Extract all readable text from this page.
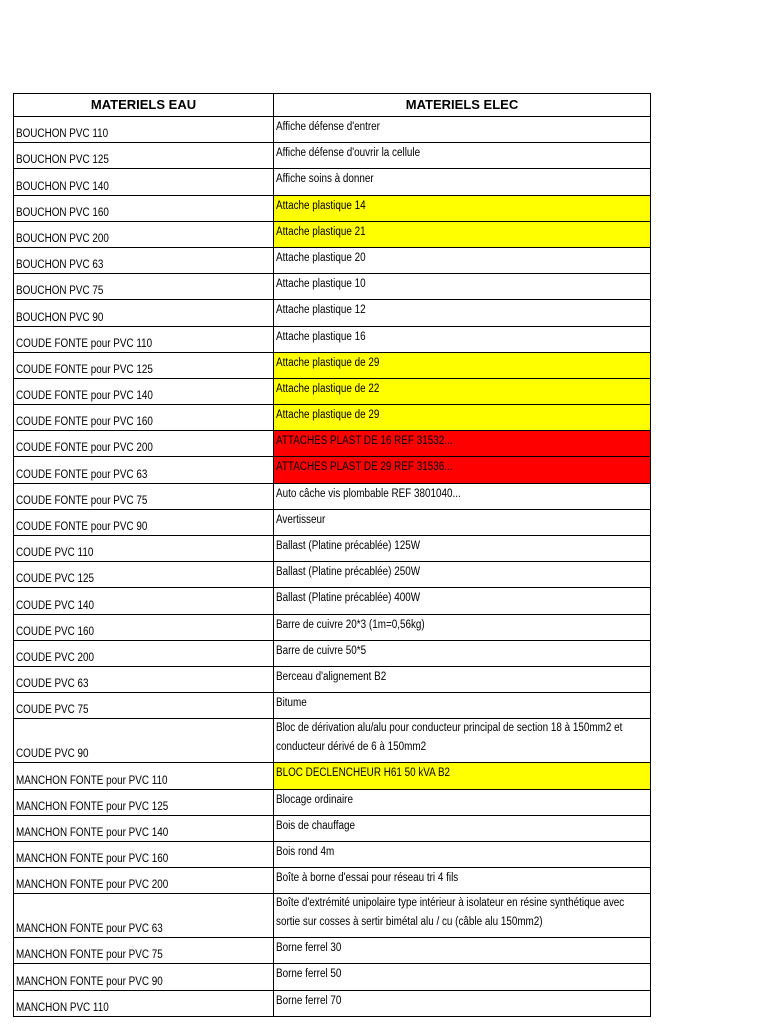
MATERIELS EAU	MATERIELS ELEC
BOUCHON PVC 110	Affiche défense d'entrer
BOUCHON PVC 125	Affiche défense d'ouvrir la cellule
BOUCHON PVC 140	Affiche soins à donner
BOUCHON PVC 160	Attache plastique 14
BOUCHON PVC 200	Attache plastique 21
BOUCHON PVC 63	Attache plastique 20
BOUCHON PVC 75	Attache plastique 10
BOUCHON PVC 90	Attache plastique 12
COUDE FONTE pour PVC 110	Attache plastique 16
COUDE FONTE pour PVC 125	Attache plastique de 29
COUDE FONTE pour PVC 140	Attache plastique de 22
COUDE FONTE pour PVC 160	Attache plastique de 29
COUDE FONTE pour PVC 200	ATTACHES PLAST DE 16 REF 31532...
COUDE FONTE pour PVC 63	ATTACHES PLAST DE 29 REF 31536...
COUDE FONTE pour PVC 75	Auto câche vis plombable REF 3801040...
COUDE FONTE pour PVC 90	Avertisseur
COUDE PVC 110	Ballast (Platine précablée) 125W
COUDE PVC 125	Ballast (Platine précablée) 250W
COUDE PVC 140	Ballast (Platine précablée) 400W
COUDE PVC 160	Barre de cuivre 20*3 (1m=0,56kg)
COUDE PVC 200	Barre de cuivre 50*5
COUDE PVC 63	Berceau d'alignement B2
COUDE PVC 75	Bitume
COUDE PVC 90	Bloc de dérivation alu/alu pour conducteur principal de section 18 à 150mm2 et conducteur dérivé de 6 à 150mm2
MANCHON FONTE pour PVC 110	BLOC DECLENCHEUR H61 50 kVA B2
MANCHON FONTE pour PVC 125	Blocage ordinaire
MANCHON FONTE pour PVC 140	Bois de chauffage
MANCHON FONTE pour PVC 160	Bois rond 4m
MANCHON FONTE pour PVC 200	Boîte à borne d'essai pour réseau tri 4 fils
MANCHON FONTE pour PVC 63	Boîte d'extrémité unipolaire type intérieur à isolateur en résine synthétique avec sortie sur cosses à sertir bimétal alu / cu (câble alu 150mm2)
MANCHON FONTE pour PVC 75	Borne ferrel 30
MANCHON FONTE pour PVC 90	Borne ferrel 50
MANCHON PVC 110	Borne ferrel 70
